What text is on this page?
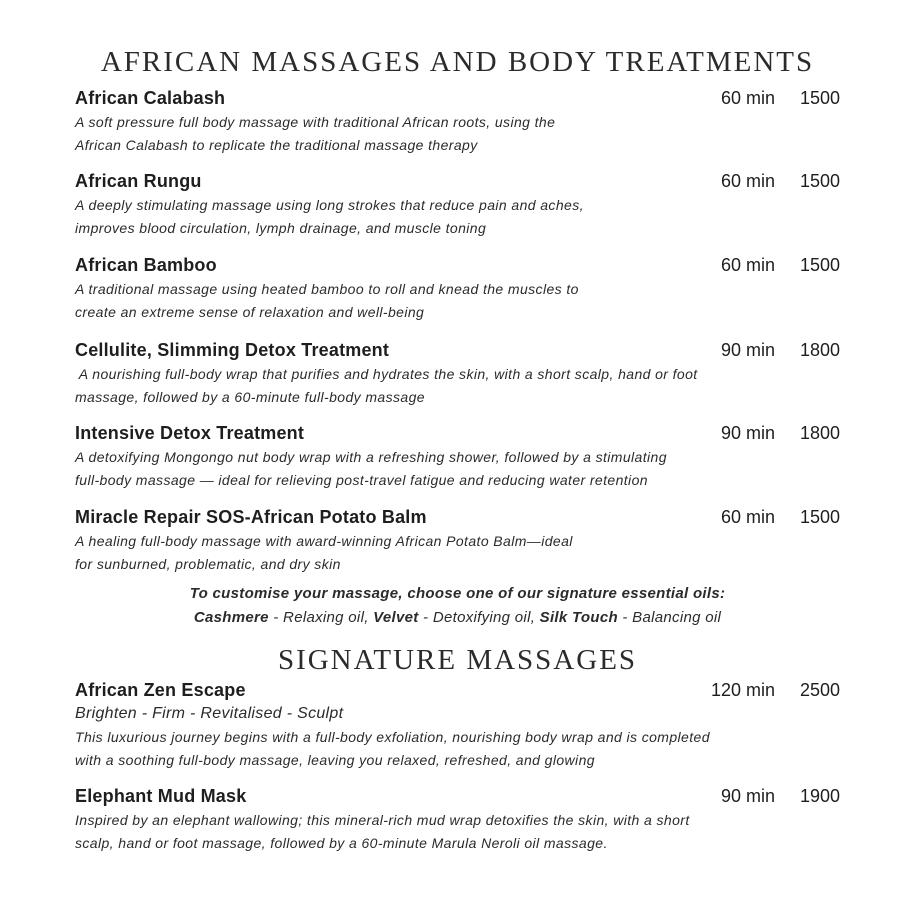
AFRICAN MASSAGES AND BODY TREATMENTS
African Calabash	60 min 1500
A soft pressure full body massage with traditional African roots, using the
African Calabash to replicate the traditional massage therapy
African Rungu	60 min 1500
A deeply stimulating massage using long strokes that reduce pain and aches,
improves blood circulation, lymph drainage, and muscle toning
African Bamboo	60 min 1500
A traditional massage using heated bamboo to roll and knead the muscles to
create an extreme sense of relaxation and well-being
Cellulite, Slimming Detox Treatment	90 min 1800
A nourishing full-body wrap that purifies and hydrates the skin, with a short scalp, hand or foot
massage, followed by a 60-minute full-body massage
Intensive Detox Treatment	90 min 1800
A detoxifying Mongongo nut body wrap with a refreshing shower, followed by a stimulating
full-body massage — ideal for relieving post-travel fatigue and reducing water retention
Miracle Repair SOS-African Potato Balm	60 min 1500
A healing full-body massage with award-winning African Potato Balm—ideal
for sunburned, problematic, and dry skin
To customise your massage, choose one of our signature essential oils:
Cashmere - Relaxing oil, Velvet - Detoxifying oil, Silk Touch - Balancing oil
SIGNATURE MASSAGES
African Zen Escape	120 min 2500
Brighten - Firm - Revitalised - Sculpt
This luxurious journey begins with a full-body exfoliation, nourishing body wrap and is completed
with a soothing full-body massage, leaving you relaxed, refreshed, and glowing
Elephant Mud Mask	90 min 1900
Inspired by an elephant wallowing; this mineral-rich mud wrap detoxifies the skin, with a short
scalp, hand or foot massage, followed by a 60-minute Marula Neroli oil massage.
